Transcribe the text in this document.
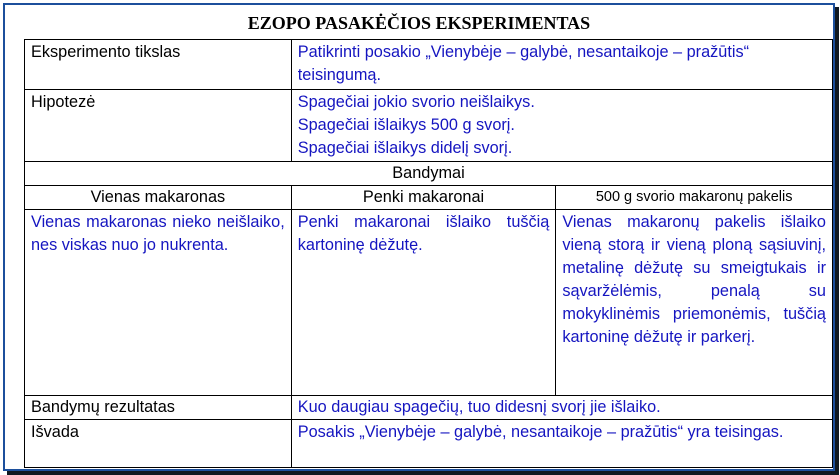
EZOPO PASAKĖČIOS EKSPERIMENTAS
Eksperimento tikslas	Patikrinti posakio „Vienybėje – galybė, nesantaikoje – pražūtis“ teisingumą.	
Hipotezė	Spagečiai jokio svorio neišlaikys.
Spagečiai išlaikys 500 g svorį.
Spagečiai išlaikys didelį svorį.	

Bandymai		
Vienas makaronas	Penki makaronai	500 g svorio makaronų pakelis
Vienas makaronas nieko neišlaiko, nes viskas nuo jo nukrenta.	Penki makaronai išlaiko tuščią kartoninę dėžutę.	Vienas makaronų pakelis išlaiko vieną storą ir vieną ploną sąsiuvinį, metalinę dėžutę su smeigtukais ir sąvaržėlėmis, penalą su mokyklinėmis priemonėmis, tuščią kartoninę dėžutę ir parkerį.
Bandymų rezultatas	Kuo daugiau spagečių, tuo didesnį svorį jie išlaiko.	
Išvada	Posakis „Vienybėje – galybė, nesantaikoje – pražūtis“ yra teisingas.	
